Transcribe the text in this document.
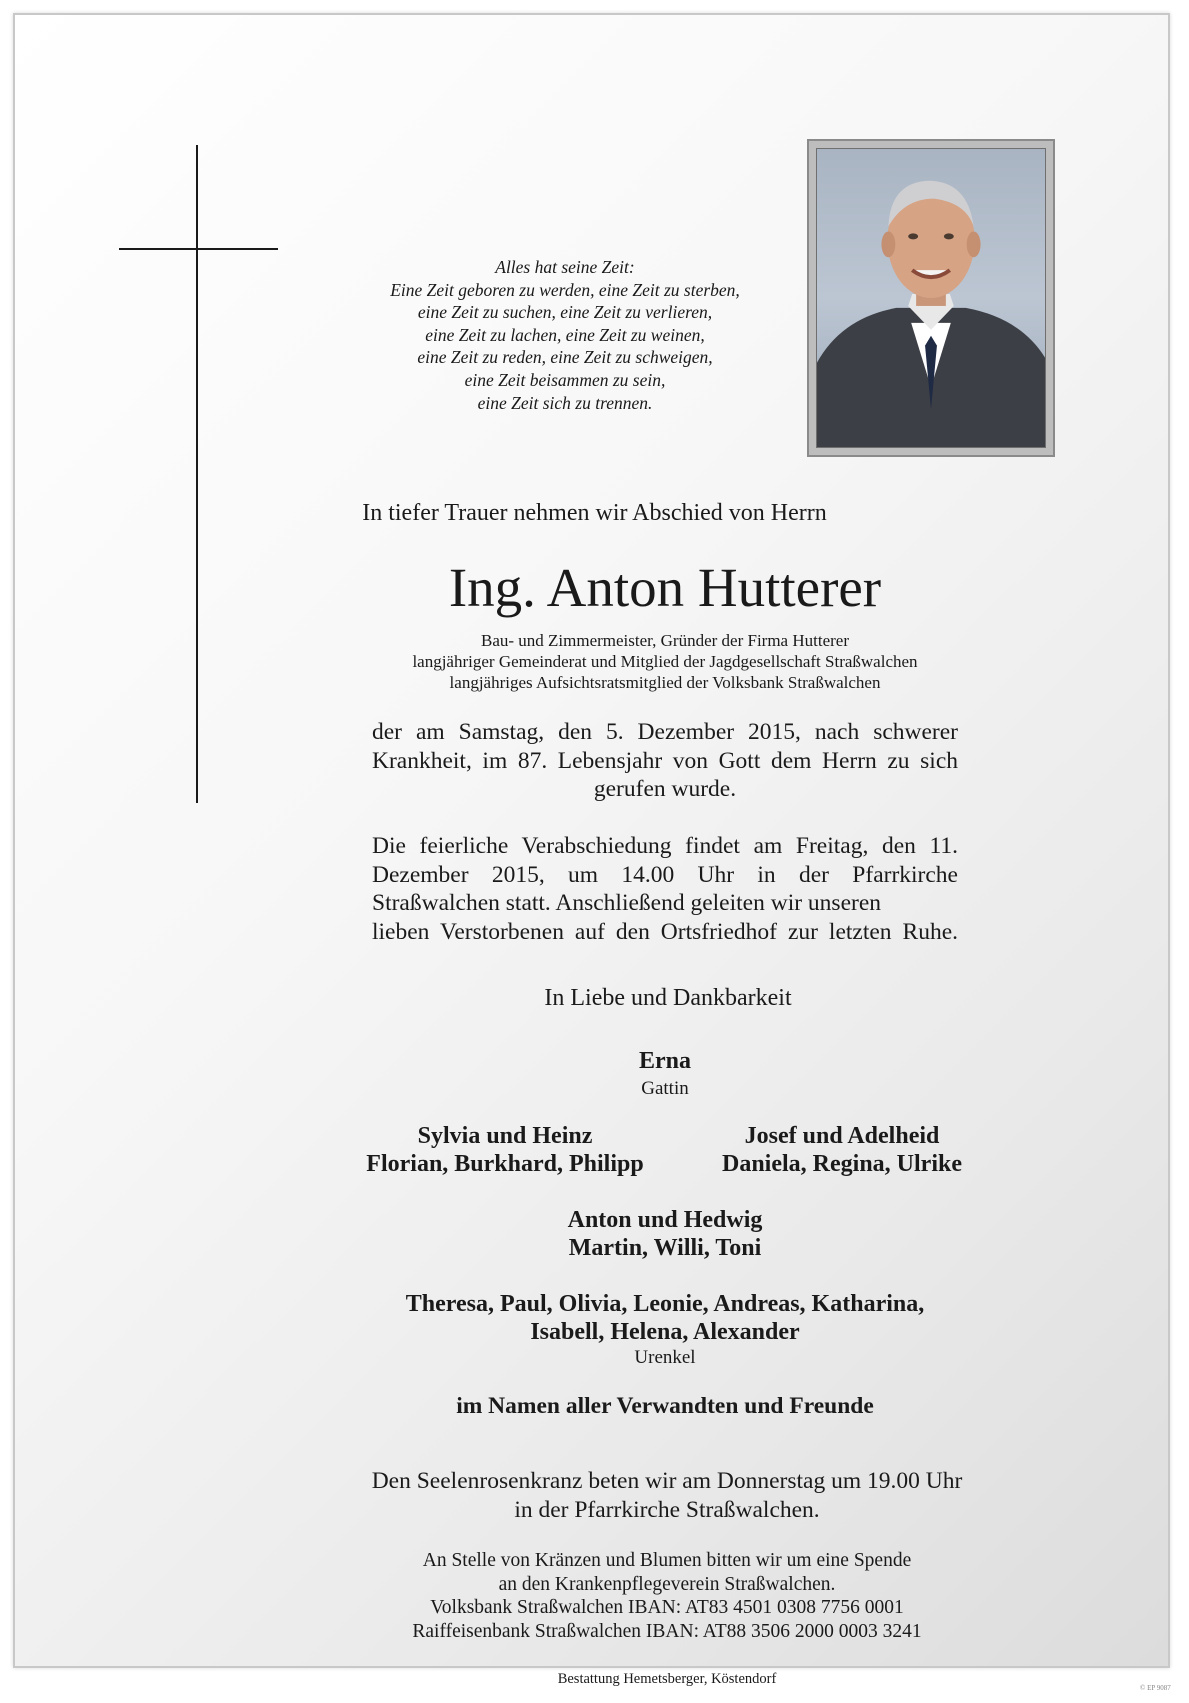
Alles hat seine Zeit:
Eine Zeit geboren zu werden, eine Zeit zu sterben,
eine Zeit zu suchen, eine Zeit zu verlieren,
eine Zeit zu lachen, eine Zeit zu weinen,
eine Zeit zu reden, eine Zeit zu schweigen,
eine Zeit beisammen zu sein,
eine Zeit sich zu trennen.
In tiefer Trauer nehmen wir Abschied von Herrn
Ing. Anton Hutterer
Bau- und Zimmermeister, Gründer der Firma Hutterer
langjähriger Gemeinderat und Mitglied der Jagdgesellschaft Straßwalchen
langjähriges Aufsichtsratsmitglied der Volksbank Straßwalchen
der am Samstag, den 5. Dezember 2015, nach schwerer Krankheit, im 87. Lebensjahr von Gott dem Herrn zu sich gerufen wurde.
Die feierliche Verabschiedung findet am Freitag, den 11. Dezember 2015, um 14.00 Uhr in der Pfarrkirche Straßwalchen statt. Anschließend geleiten wir unseren
lieben Verstorbenen auf den Ortsfriedhof zur letzten Ruhe.
In Liebe und Dankbarkeit
Erna
Gattin
Sylvia und Heinz
Florian, Burkhard, Philipp
Josef und Adelheid
Daniela, Regina, Ulrike
Anton und Hedwig
Martin, Willi, Toni
Theresa, Paul, Olivia, Leonie, Andreas, Katharina,
Isabell, Helena, Alexander
Urenkel
im Namen aller Verwandten und Freunde
Den Seelenrosenkranz beten wir am Donnerstag um 19.00 Uhr
in der Pfarrkirche Straßwalchen.
An Stelle von Kränzen und Blumen bitten wir um eine Spende
an den Krankenpflegeverein Straßwalchen.
Volksbank Straßwalchen IBAN: AT83 4501 0308 7756 0001
Raiffeisenbank Straßwalchen IBAN: AT88 3506 2000 0003 3241
Bestattung Hemetsberger, Köstendorf
© EP 9087
